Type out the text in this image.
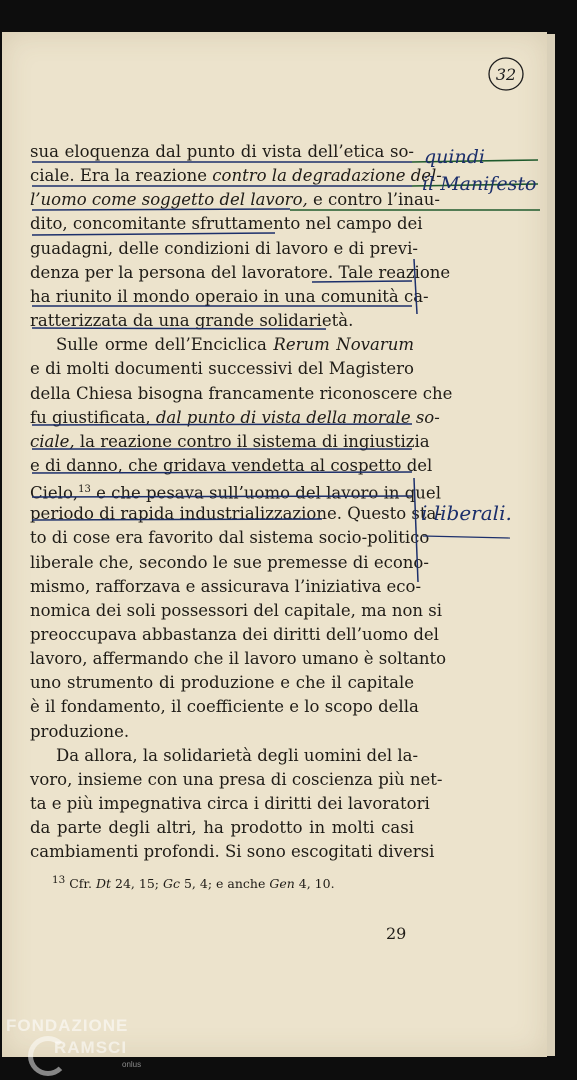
sua eloquenza dal punto di vista dell’etica so-
ciale. Era la reazione contro la degradazione del-
l’uomo come soggetto del lavoro, e contro l’inau-
dito, concomitante sfruttamento nel campo dei
guadagni, delle condizioni di lavoro e di previ-
denza per la persona del lavoratore. Tale reazione
ha riunito il mondo operaio in una comunità ca-
ratterizzata da una grande solidarietà.
Sulle orme dell’Enciclica Rerum Novarum
e di molti documenti successivi del Magistero
della Chiesa bisogna francamente riconoscere che
fu giustificata, dal punto di vista della morale so-
ciale, la reazione contro il sistema di ingiustizia
e di danno, che gridava vendetta al cospetto del
Cielo,$^{13}$ e che pesava sull’uomo del lavoro in quel
periodo di rapida industrializzazione. Questo sta-
to di cose era favorito dal sistema socio-politico
liberale che, secondo le sue premesse di econo-
mismo, rafforzava e assicurava l’iniziativa eco-
nomica dei soli possessori del capitale, ma non si
preoccupava abbastanza dei diritti dell’uomo del
lavoro, affermando che il lavoro umano è soltanto
uno strumento di produzione e che il capitale
è il fondamento, il coefficiente e lo scopo della
produzione.
Da allora, la solidarietà degli uomini del la-
voro, insieme con una presa di coscienza più net-
ta e più impegnativa circa i diritti dei lavoratori
da parte degli altri, ha prodotto in molti casi
cambiamenti profondi. Si sono escogitati diversi
$^{13}$ Cfr. Dt 24, 15; Gc 5, 4; e anche Gen 4, 10.
29
32
quindi
il Manifesto
i liberali.
FONDAZIONE
RAMSCI
onlus
